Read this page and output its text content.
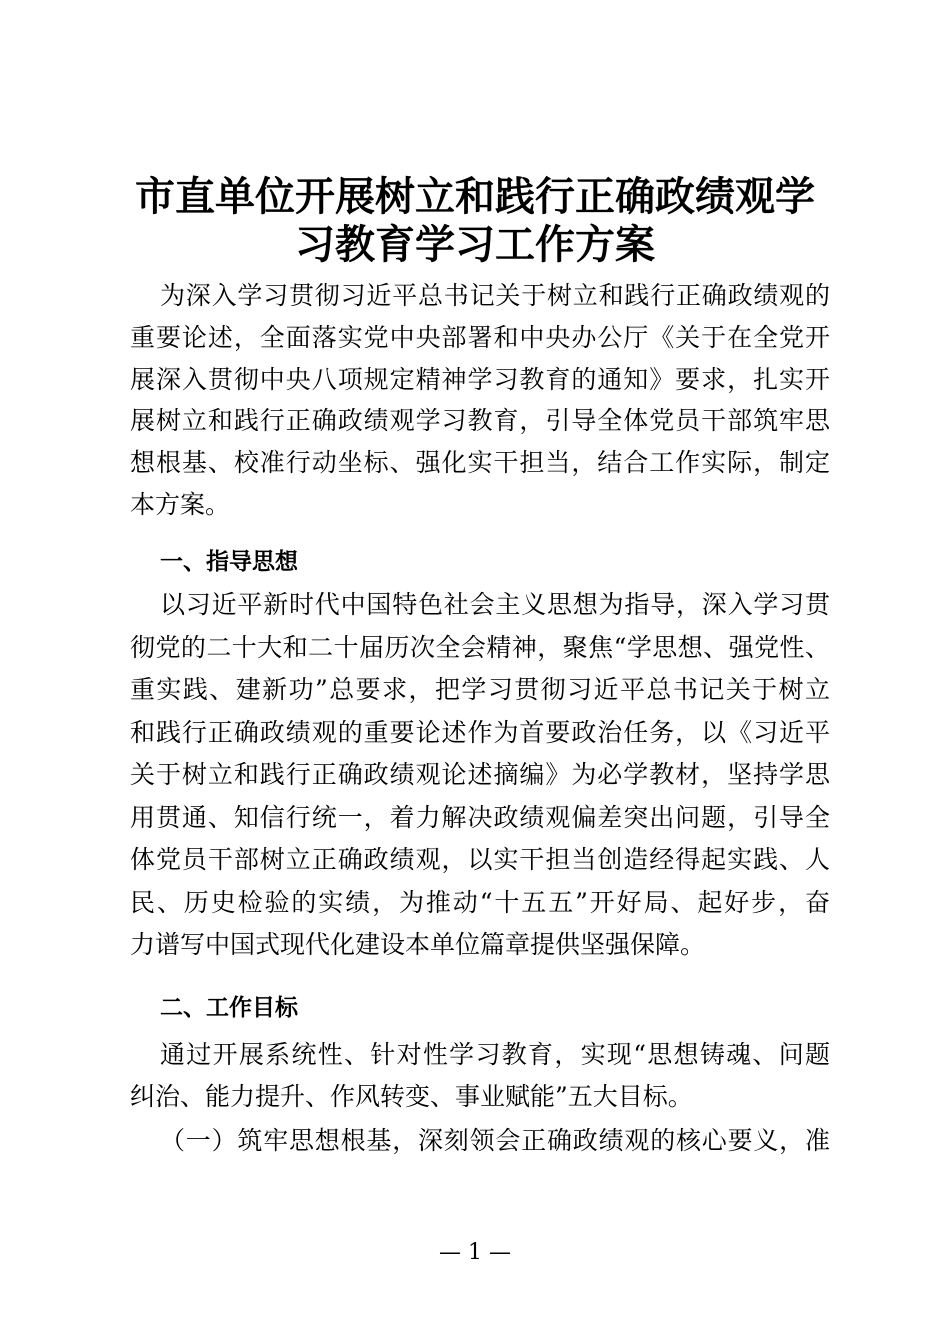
市直单位开展树立和践行正确政绩观学
习教育学习工作方案
为深入学习贯彻习近平总书记关于树立和践行正确政绩观的
重要论述，全面落实党中央部署和中央办公厅《关于在全党开
展深入贯彻中央八项规定精神学习教育的通知》要求，扎实开
展树立和践行正确政绩观学习教育，引导全体党员干部筑牢思
想根基、校准行动坐标、强化实干担当，结合工作实际，制定
本方案。
一、指导思想
以习近平新时代中国特色社会主义思想为指导，深入学习贯
彻党的二十大和二十届历次全会精神，聚焦“学思想、强党性、
重实践、建新功”总要求，把学习贯彻习近平总书记关于树立
和践行正确政绩观的重要论述作为首要政治任务，以《习近平
关于树立和践行正确政绩观论述摘编》为必学教材，坚持学思
用贯通、知信行统一，着力解决政绩观偏差突出问题，引导全
体党员干部树立正确政绩观，以实干担当创造经得起实践、人
民、历史检验的实绩，为推动“十五五”开好局、起好步，奋
力谱写中国式现代化建设本单位篇章提供坚强保障。
二、工作目标
通过开展系统性、针对性学习教育，实现“思想铸魂、问题
纠治、能力提升、作风转变、事业赋能”五大目标。
（一）筑牢思想根基，深刻领会正确政绩观的核心要义，准
— 1 —
